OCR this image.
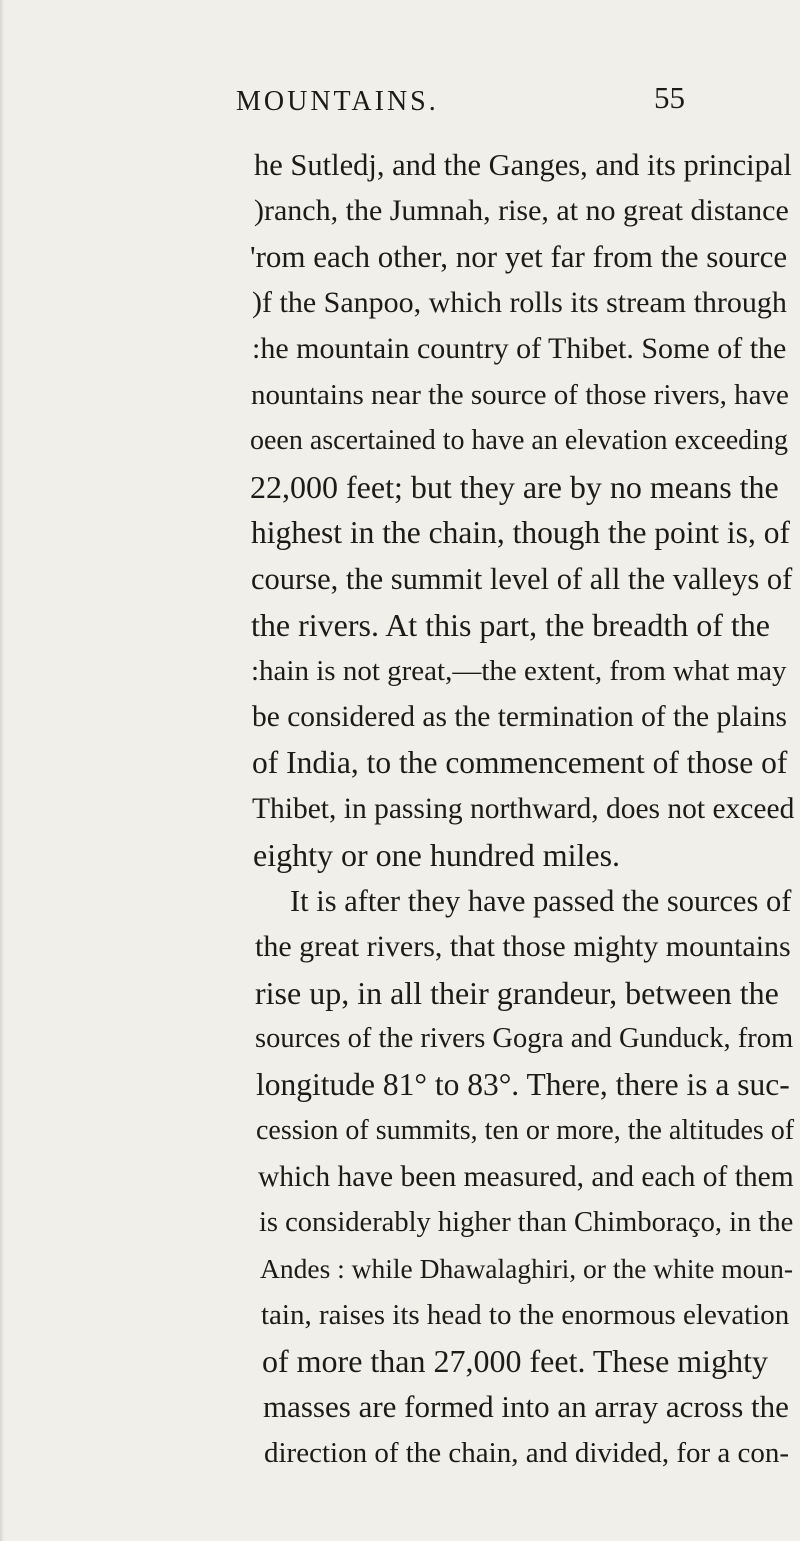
MOUNTAINS.	55
he Sutledj, and the Ganges, and its principal
)ranch, the Jumnah, rise, at no great distance
'rom each other, nor yet far from the source
)f the Sanpoo, which rolls its stream through
:he mountain country of Thibet. Some of the
nountains near the source of those rivers, have
oeen ascertained to have an elevation exceeding
22,000 feet; but they are by no means the
highest in the chain, though the point is, of
course, the summit level of all the valleys of
the rivers. At this part, the breadth of the
:hain is not great,—the extent, from what may
be considered as the termination of the plains
of India, to the commencement of those of
Thibet, in passing northward, does not exceed
eighty or one hundred miles.
It is after they have passed the sources of
the great rivers, that those mighty mountains
rise up, in all their grandeur, between the
sources of the rivers Gogra and Gunduck, from
longitude 81° to 83°. There, there is a suc-
cession of summits, ten or more, the altitudes of
which have been measured, and each of them
is considerably higher than Chimboraço, in the
Andes : while Dhawalaghiri, or the white moun-
tain, raises its head to the enormous elevation
of more than 27,000 feet. These mighty
masses are formed into an array across the
direction of the chain, and divided, for a con-
